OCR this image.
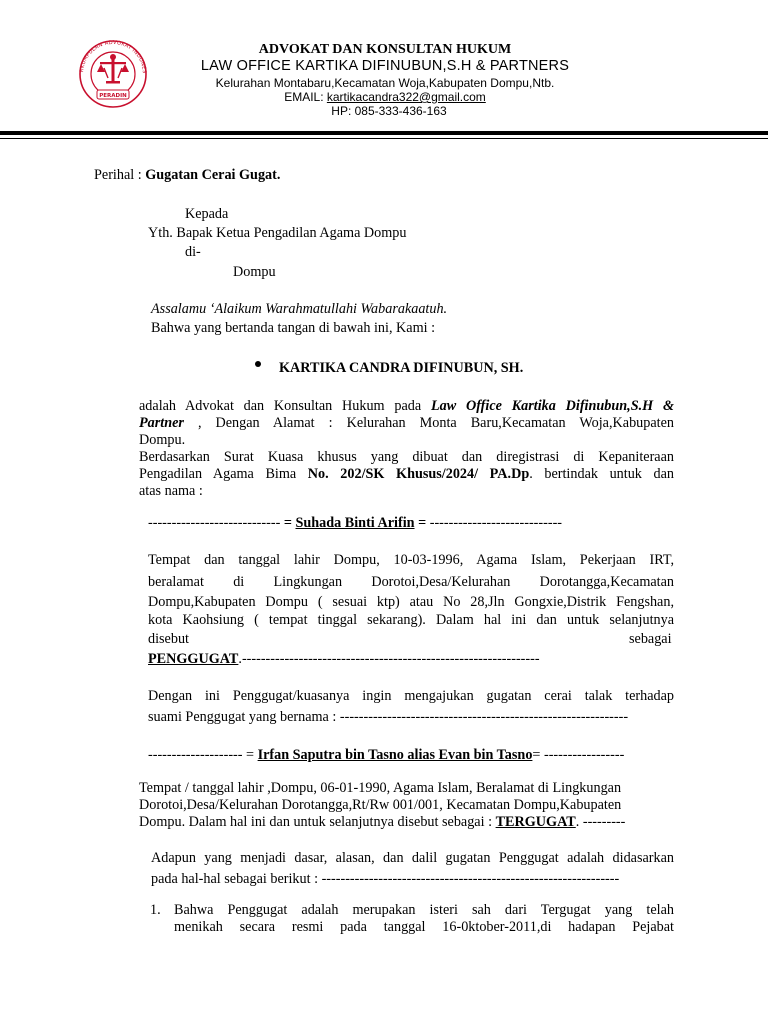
RKUMPULAN ADVOKAT INDONES
PERADIN
ADVOKAT DAN KONSULTAN HUKUM
LAW OFFICE KARTIKA DIFINUBUN,S.H & PARTNERS
Kelurahan Montabaru,Kecamatan Woja,Kabupaten Dompu,Ntb.
EMAIL: kartikacandra322@gmail.com
HP: 085-333-436-163
Perihal : Gugatan Cerai Gugat.
Kepada
Yth. Bapak Ketua Pengadilan Agama Dompu
di-
Dompu
Assalamu ‘Alaikum Warahmatullahi Wabarakaatuh.
Bahwa yang bertanda tangan di bawah ini, Kami :
KARTIKA CANDRA DIFINUBUN, SH.
adalah Advokat dan Konsultan Hukum pada Law Office Kartika Difinubun,S.H &
Partner , Dengan Alamat : Kelurahan Monta Baru,Kecamatan Woja,Kabupaten
Dompu.
Berdasarkan Surat Kuasa khusus yang dibuat dan diregistrasi di Kepaniteraan
Pengadilan Agama Bima No. 202/SK Khusus/2024/ PA.Dp. bertindak untuk dan
atas nama :
---------------------------- = Suhada Binti Arifin = ----------------------------
Tempat dan tanggal lahir Dompu, 10-03-1996, Agama Islam, Pekerjaan IRT,
beralamat di Lingkungan Dorotoi,Desa/Kelurahan Dorotangga,Kecamatan
Dompu,Kabupaten Dompu ( sesuai ktp) atau No 28,Jln Gongxie,Distrik Fengshan,
kota Kaohsiung ( tempat tinggal sekarang). Dalam hal ini dan untuk selanjutnya
disebut	sebagai
PENGGUGAT.---------------------------------------------------------------
Dengan ini Penggugat/kuasanya ingin mengajukan gugatan cerai talak terhadap
suami Penggugat yang bernama : -------------------------------------------------------------
-------------------- = Irfan Saputra bin Tasno alias Evan bin Tasno= -----------------
Tempat / tanggal lahir ,Dompu, 06-01-1990, Agama Islam, Beralamat di Lingkungan
Dorotoi,Desa/Kelurahan Dorotangga,Rt/Rw 001/001, Kecamatan Dompu,Kabupaten
Dompu. Dalam hal ini dan untuk selanjutnya disebut sebagai : TERGUGAT. ---------
Adapun yang menjadi dasar, alasan, dan dalil gugatan Penggugat adalah didasarkan
pada hal-hal sebagai berikut : ---------------------------------------------------------------
1. Bahwa Penggugat adalah merupakan isteri sah dari Tergugat yang telah
menikah secara resmi pada tanggal 16-0ktober-2011,di hadapan Pejabat
